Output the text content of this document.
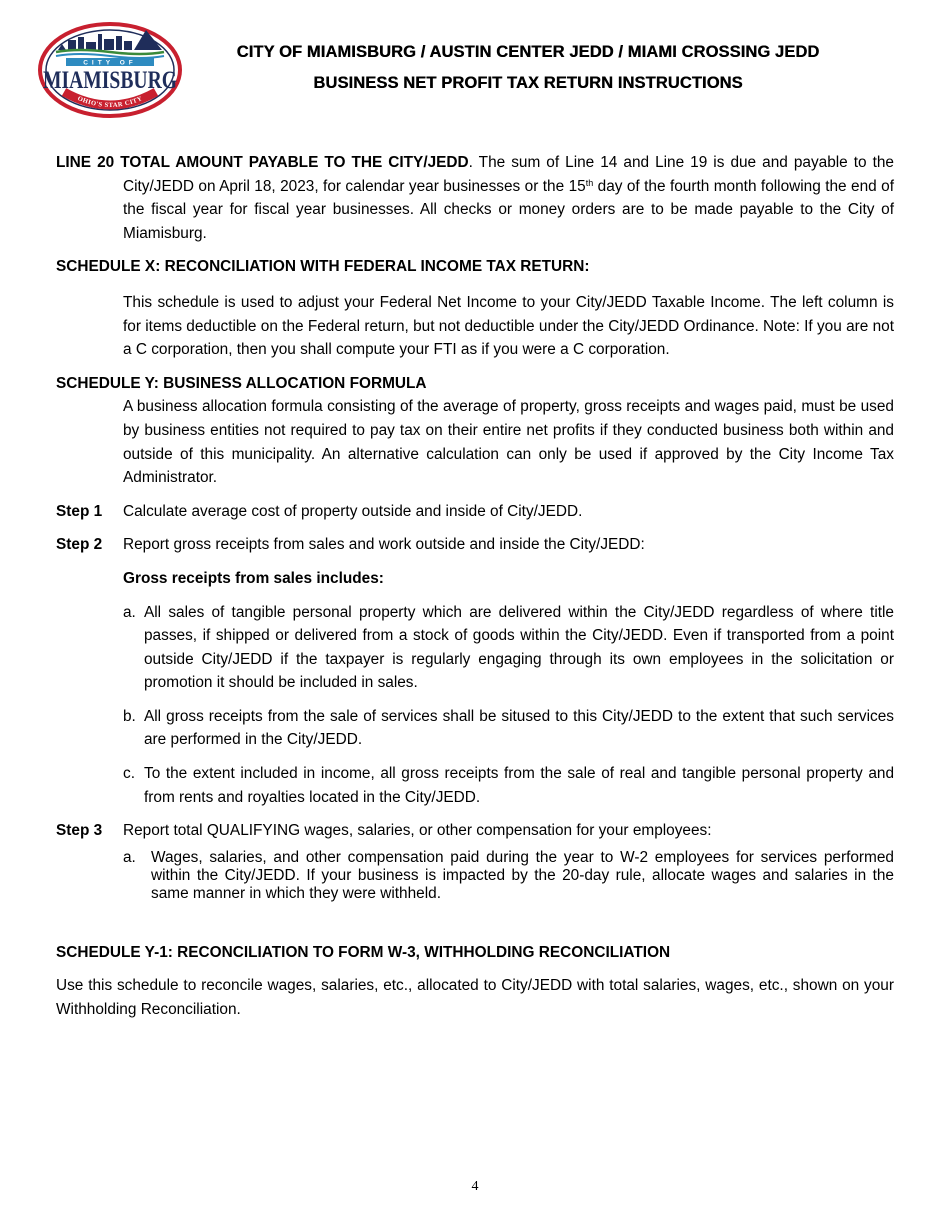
CITY OF
MIAMISBURG
OHIO'S STAR CITY
CITY OF MIAMISBURG / AUSTIN CENTER JEDD / MIAMI CROSSING JEDD
BUSINESS NET PROFIT TAX RETURN INSTRUCTIONS

LINE 20 TOTAL AMOUNT PAYABLE TO THE CITY/JEDD. The sum of Line 14 and Line 19 is due and payable to the City/JEDD on April 18, 2023, for calendar year businesses or the 15th day of the fourth month following the end of the fiscal year for fiscal year businesses. All checks or money orders are to be made payable to the City of Miamisburg.

SCHEDULE X: RECONCILIATION WITH FEDERAL INCOME TAX RETURN:

This schedule is used to adjust your Federal Net Income to your City/JEDD Taxable Income. The left column is for items deductible on the Federal return, but not deductible under the City/JEDD Ordinance. Note: If you are not a C corporation, then you shall compute your FTI as if you were a C corporation.

SCHEDULE Y: BUSINESS ALLOCATION FORMULA

A business allocation formula consisting of the average of property, gross receipts and wages paid, must be used by business entities not required to pay tax on their entire net profits if they conducted business both within and outside of this municipality. An alternative calculation can only be used if approved by the City Income Tax Administrator.

Step 1	Calculate average cost of property outside and inside of City/JEDD.
Step 2	Report gross receipts from sales and work outside and inside the City/JEDD:

Gross receipts from sales includes:

a. All sales of tangible personal property which are delivered within the City/JEDD regardless of where title passes, if shipped or delivered from a stock of goods within the City/JEDD. Even if transported from a point outside City/JEDD if the taxpayer is regularly engaging through its own employees in the solicitation or promotion it should be included in sales.
b. All gross receipts from the sale of services shall be sitused to this City/JEDD to the extent that such services are performed in the City/JEDD.
c. To the extent included in income, all gross receipts from the sale of real and tangible personal property and from rents and royalties located in the City/JEDD.
Step 3	Report total QUALIFYING wages, salaries, or other compensation for your employees:
a. Wages, salaries, and other compensation paid during the year to W-2 employees for services performed within the City/JEDD. If your business is impacted by the 20-day rule, allocate wages and salaries in the same manner in which they were withheld.

SCHEDULE Y-1: RECONCILIATION TO FORM W-3, WITHHOLDING RECONCILIATION

Use this schedule to reconcile wages, salaries, etc., allocated to City/JEDD with total salaries, wages, etc., shown on your Withholding Reconciliation.

4
